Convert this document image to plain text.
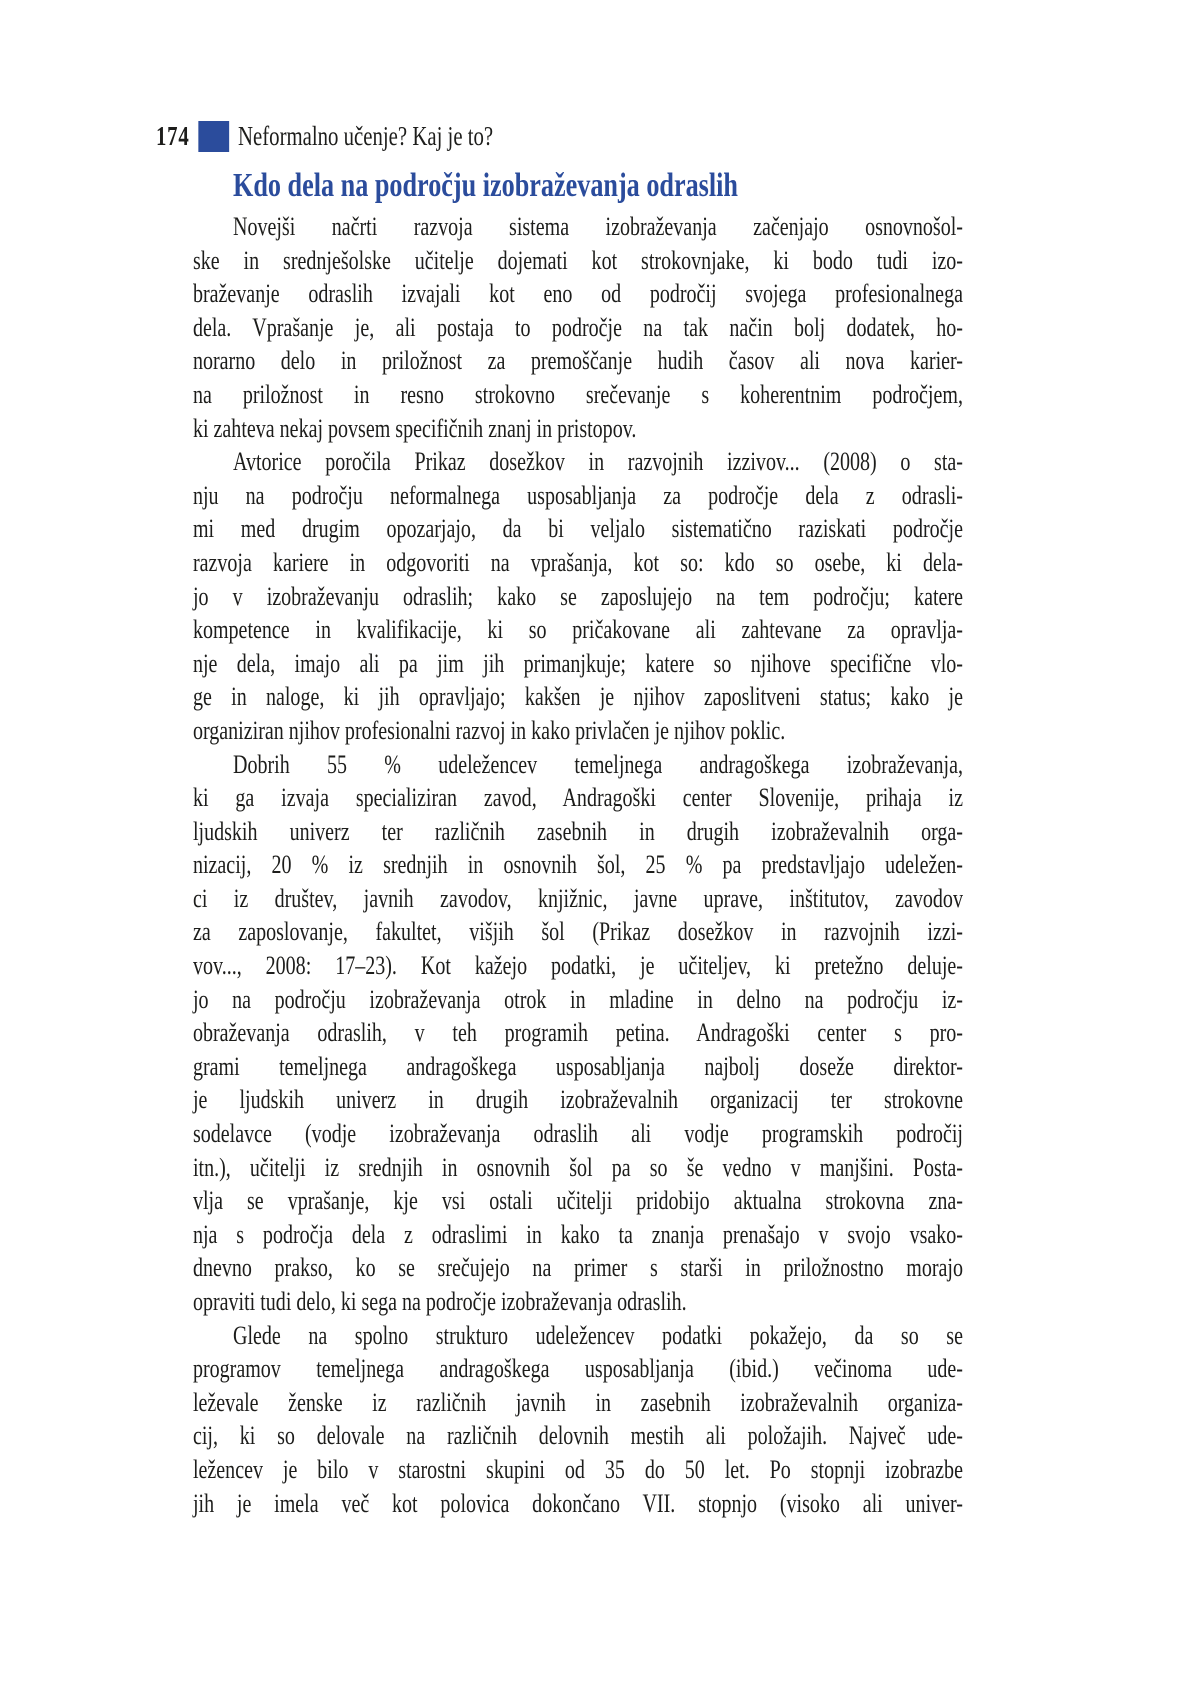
174 Neformalno učenje? Kaj je to?
Kdo dela na področju izobraževanja odraslih
Novejši načrti razvoja sistema izobraževanja začenjajo osnovnošol-
ske in srednješolske učitelje dojemati kot strokovnjake, ki bodo tudi izo-
braževanje odraslih izvajali kot eno od področij svojega profesionalnega
dela. Vprašanje je, ali postaja to področje na tak način bolj dodatek, ho-
norarno delo in priložnost za premoščanje hudih časov ali nova karier-
na priložnost in resno strokovno srečevanje s koherentnim področjem,
ki zahteva nekaj povsem specifičnih znanj in pristopov.
Avtorice poročila Prikaz dosežkov in razvojnih izzivov... (2008) o sta-
nju na področju neformalnega usposabljanja za področje dela z odrasli-
mi med drugim opozarjajo, da bi veljalo sistematično raziskati področje
razvoja kariere in odgovoriti na vprašanja, kot so: kdo so osebe, ki dela-
jo v izobraževanju odraslih; kako se zaposlujejo na tem področju; katere
kompetence in kvalifikacije, ki so pričakovane ali zahtevane za opravlja-
nje dela, imajo ali pa jim jih primanjkuje; katere so njihove specifične vlo-
ge in naloge, ki jih opravljajo; kakšen je njihov zaposlitveni status; kako je
organiziran njihov profesionalni razvoj in kako privlačen je njihov poklic.
Dobrih 55 % udeležencev temeljnega andragoškega izobraževanja,
ki ga izvaja specializiran zavod, Andragoški center Slovenije, prihaja iz
ljudskih univerz ter različnih zasebnih in drugih izobraževalnih orga-
nizacij, 20 % iz srednjih in osnovnih šol, 25 % pa predstavljajo udeležen-
ci iz društev, javnih zavodov, knjižnic, javne uprave, inštitutov, zavodov
za zaposlovanje, fakultet, višjih šol (Prikaz dosežkov in razvojnih izzi-
vov..., 2008: 17–23). Kot kažejo podatki, je učiteljev, ki pretežno deluje-
jo na področju izobraževanja otrok in mladine in delno na področju iz-
obraževanja odraslih, v teh programih petina. Andragoški center s pro-
grami temeljnega andragoškega usposabljanja najbolj doseže direktor-
je ljudskih univerz in drugih izobraževalnih organizacij ter strokovne
sodelavce (vodje izobraževanja odraslih ali vodje programskih področij
itn.), učitelji iz srednjih in osnovnih šol pa so še vedno v manjšini. Posta-
vlja se vprašanje, kje vsi ostali učitelji pridobijo aktualna strokovna zna-
nja s področja dela z odraslimi in kako ta znanja prenašajo v svojo vsako-
dnevno prakso, ko se srečujejo na primer s starši in priložnostno morajo
opraviti tudi delo, ki sega na področje izobraževanja odraslih.
Glede na spolno strukturo udeležencev podatki pokažejo, da so se
programov temeljnega andragoškega usposabljanja (ibid.) večinoma ude-
leževale ženske iz različnih javnih in zasebnih izobraževalnih organiza-
cij, ki so delovale na različnih delovnih mestih ali položajih. Največ ude-
ležencev je bilo v starostni skupini od 35 do 50 let. Po stopnji izobrazbe
jih je imela več kot polovica dokončano VII. stopnjo (visoko ali univer-
